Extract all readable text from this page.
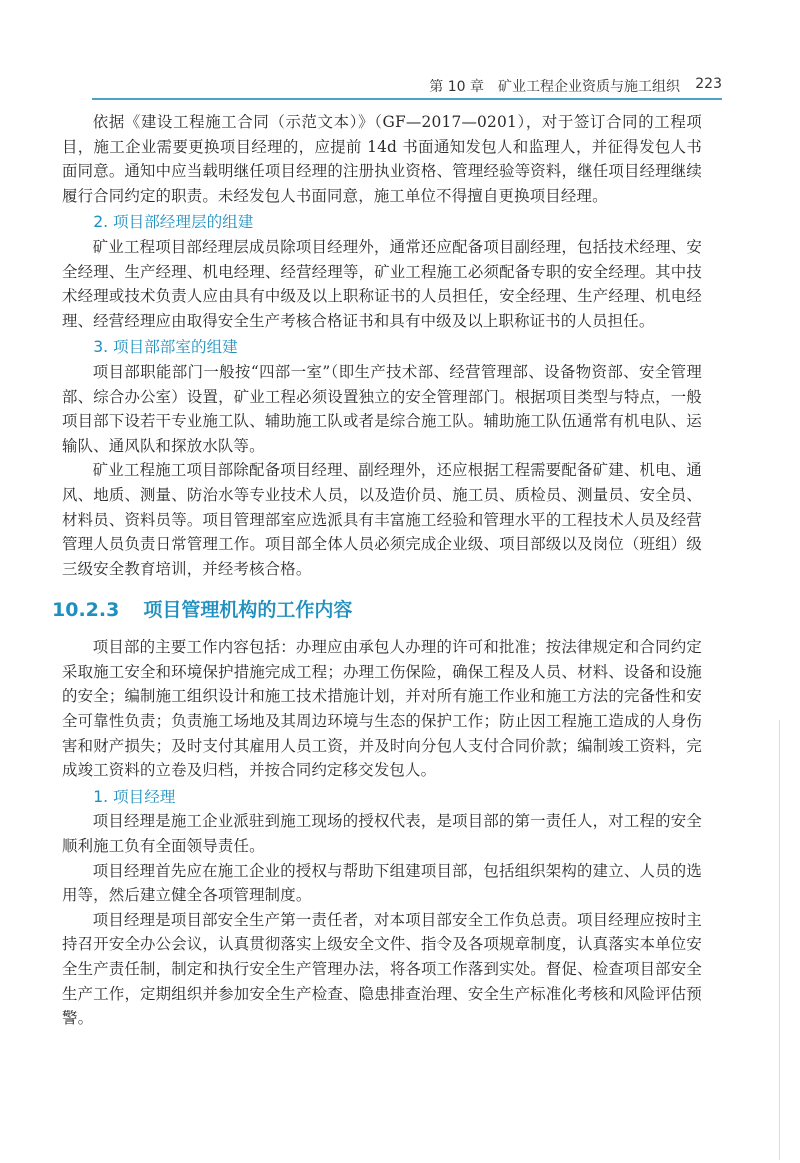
第 10 章　矿业工程企业资质与施工组织 223

依据《建设工程施工合同（示范文本）》（GF—2017—0201），对于签订合同的工程项目，施工企业需要更换项目经理的，应提前 14d 书面通知发包人和监理人，并征得发包人书面同意。通知中应当载明继任项目经理的注册执业资格、管理经验等资料，继任项目经理继续履行合同约定的职责。未经发包人书面同意，施工单位不得擅自更换项目经理。

2. 项目部经理层的组建

矿业工程项目部经理层成员除项目经理外，通常还应配备项目副经理，包括技术经理、安全经理、生产经理、机电经理、经营经理等，矿业工程施工必须配备专职的安全经理。其中技术经理或技术负责人应由具有中级及以上职称证书的人员担任，安全经理、生产经理、机电经理、经营经理应由取得安全生产考核合格证书和具有中级及以上职称证书的人员担任。

3. 项目部部室的组建

项目部职能部门一般按“四部一室”（即生产技术部、经营管理部、设备物资部、安全管理部、综合办公室）设置，矿业工程必须设置独立的安全管理部门。根据项目类型与特点，一般项目部下设若干专业施工队、辅助施工队或者是综合施工队。辅助施工队伍通常有机电队、运输队、通风队和探放水队等。

矿业工程施工项目部除配备项目经理、副经理外，还应根据工程需要配备矿建、机电、通风、地质、测量、防治水等专业技术人员，以及造价员、施工员、质检员、测量员、安全员、材料员、资料员等。项目管理部室应选派具有丰富施工经验和管理水平的工程技术人员及经营管理人员负责日常管理工作。项目部全体人员必须完成企业级、项目部级以及岗位（班组）级三级安全教育培训，并经考核合格。

10.2.3 项目管理机构的工作内容

项目部的主要工作内容包括：办理应由承包人办理的许可和批准；按法律规定和合同约定采取施工安全和环境保护措施完成工程；办理工伤保险，确保工程及人员、材料、设备和设施的安全；编制施工组织设计和施工技术措施计划，并对所有施工作业和施工方法的完备性和安全可靠性负责；负责施工场地及其周边环境与生态的保护工作；防止因工程施工造成的人身伤害和财产损失；及时支付其雇用人员工资，并及时向分包人支付合同价款；编制竣工资料，完成竣工资料的立卷及归档，并按合同约定移交发包人。

1. 项目经理

项目经理是施工企业派驻到施工现场的授权代表，是项目部的第一责任人，对工程的安全顺利施工负有全面领导责任。

项目经理首先应在施工企业的授权与帮助下组建项目部，包括组织架构的建立、人员的选用等，然后建立健全各项管理制度。

项目经理是项目部安全生产第一责任者，对本项目部安全工作负总责。项目经理应按时主持召开安全办公会议，认真贯彻落实上级安全文件、指令及各项规章制度，认真落实本单位安全生产责任制，制定和执行安全生产管理办法，将各项工作落到实处。督促、检查项目部安全生产工作，定期组织并参加安全生产检查、隐患排查治理、安全生产标准化考核和风险评估预警。
